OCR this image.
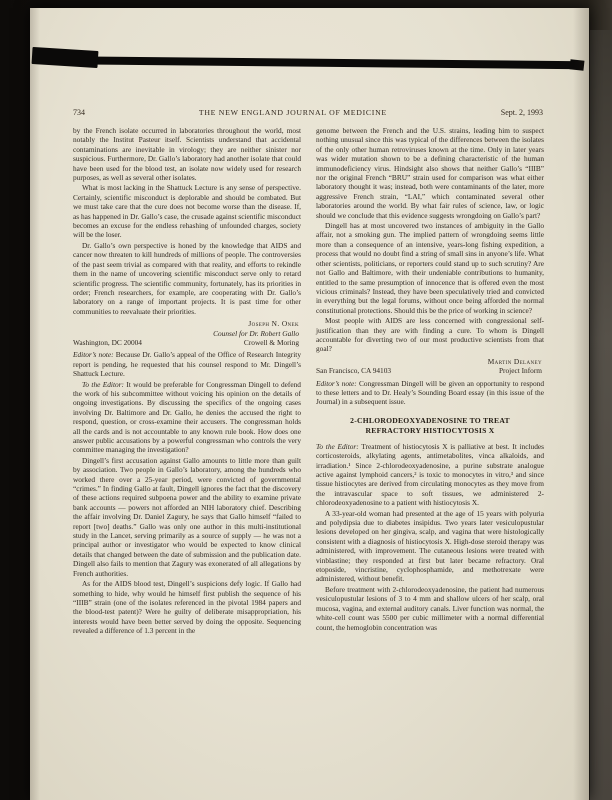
734	THE NEW ENGLAND JOURNAL OF MEDICINE	Sept. 2, 1993

by the French isolate occurred in laboratories throughout the world, most notably the Institut Pasteur itself. Scientists understand that accidental contaminations are inevitable in virology; they are neither sinister nor suspicious. Furthermore, Dr. Gallo’s laboratory had another isolate that could have been used for the blood test, an isolate now widely used for research purposes, as well as several other isolates.

What is most lacking in the Shattuck Lecture is any sense of perspective. Certainly, scientific misconduct is deplorable and should be combated. But we must take care that the cure does not become worse than the disease. If, as has happened in Dr. Gallo’s case, the crusade against scientific misconduct becomes an excuse for the endless rehashing of unfounded charges, society will be the loser.

Dr. Gallo’s own perspective is honed by the knowledge that AIDS and cancer now threaten to kill hundreds of millions of people. The controversies of the past seem trivial as compared with that reality, and efforts to rekindle them in the name of uncovering scientific misconduct serve only to retard scientific progress. The scientific community, fortunately, has its priorities in order; French researchers, for example, are cooperating with Dr. Gallo’s laboratory on a range of important projects. It is past time for other communities to reevaluate their priorities.

Joseph N. Onek
Counsel for Dr. Robert Gallo
Washington, DC 20004	Crowell & Moring

Editor’s note: Because Dr. Gallo’s appeal of the Office of Research Integrity report is pending, he requested that his counsel respond to Mr. Dingell’s Shattuck Lecture.

To the Editor: It would be preferable for Congressman Dingell to defend the work of his subcommittee without voicing his opinion on the details of ongoing investigations. By discussing the specifics of the ongoing cases involving Dr. Baltimore and Dr. Gallo, he denies the accused the right to respond, question, or cross-examine their accusers. The congressman holds all the cards and is not accountable to any known rule book. How does one answer public accusations by a powerful congressman who controls the very committee managing the investigation?

Dingell’s first accusation against Gallo amounts to little more than guilt by association. Two people in Gallo’s laboratory, among the hundreds who worked there over a 25-year period, were convicted of governmental “crimes.” In finding Gallo at fault, Dingell ignores the fact that the discovery of these actions required subpoena power and the ability to examine private bank accounts — powers not afforded an NIH laboratory chief. Describing the affair involving Dr. Daniel Zagury, he says that Gallo himself “failed to report [two] deaths.” Gallo was only one author in this multi-institutional study in the Lancet, serving primarily as a source of supply — he was not a principal author or investigator who would be expected to know clinical details that changed between the date of submission and the publication date. Dingell also fails to mention that Zagury was exonerated of all allegations by French authorities.

As for the AIDS blood test, Dingell’s suspicions defy logic. If Gallo had something to hide, why would he himself first publish the sequence of his “IIIB” strain (one of the isolates referenced in the pivotal 1984 papers and the blood-test patent)? Were he guilty of deliberate misappropriation, his interests would have been better served by doing the opposite. Sequencing revealed a difference of 1.3 percent in the

genome between the French and the U.S. strains, leading him to suspect nothing unusual since this was typical of the differences between the isolates of the only other human retroviruses known at the time. Only in later years was wider mutation shown to be a defining characteristic of the human immunodeficiency virus. Hindsight also shows that neither Gallo’s “IIIB” nor the original French “BRU” strain used for comparison was what either laboratory thought it was; instead, both were contaminants of the later, more aggressive French strain, “LAI,” which contaminated several other laboratories around the world. By what fair rules of science, law, or logic should we conclude that this evidence suggests wrongdoing on Gallo’s part?

Dingell has at most uncovered two instances of ambiguity in the Gallo affair, not a smoking gun. The implied pattern of wrongdoing seems little more than a consequence of an intensive, years-long fishing expedition, a process that would no doubt find a string of small sins in anyone’s life. What other scientists, politicians, or reporters could stand up to such scrutiny? Are not Gallo and Baltimore, with their undeniable contributions to humanity, entitled to the same presumption of innocence that is offered even the most vicious criminals? Instead, they have been speculatively tried and convicted in everything but the legal forums, without once being afforded the normal constitutional protections. Should this be the price of working in science?

Most people with AIDS are less concerned with congressional self-justification than they are with finding a cure. To whom is Dingell accountable for diverting two of our most productive scientists from that goal?

Martin Delaney
San Francisco, CA 94103	Project Inform

Editor’s note: Congressman Dingell will be given an opportunity to respond to these letters and to Dr. Healy’s Sounding Board essay (in this issue of the Journal) in a subsequent issue.

2-CHLORODEOXYADENOSINE TO TREAT
REFRACTORY HISTIOCYTOSIS X

To the Editor: Treatment of histiocytosis X is palliative at best. It includes corticosteroids, alkylating agents, antimetabolites, vinca alkaloids, and irradiation.¹ Since 2-chlorodeoxyadenosine, a purine substrate analogue active against lymphoid cancers,² is toxic to monocytes in vitro,³ and since tissue histiocytes are derived from circulating monocytes as they move from the intravascular space to soft tissues, we administered 2-chlorodeoxyadenosine to a patient with histiocytosis X.

A 33-year-old woman had presented at the age of 15 years with polyuria and polydipsia due to diabetes insipidus. Two years later vesiculopustular lesions developed on her gingiva, scalp, and vagina that were histologically consistent with a diagnosis of histiocytosis X. High-dose steroid therapy was administered, with improvement. The cutaneous lesions were treated with vinblastine; they responded at first but later became refractory. Oral etoposide, vincristine, cyclophosphamide, and methotrexate were administered, without benefit.

Before treatment with 2-chlorodeoxyadenosine, the patient had numerous vesiculopustular lesions of 3 to 4 mm and shallow ulcers of her scalp, oral mucosa, vagina, and external auditory canals. Liver function was normal, the white-cell count was 5500 per cubic millimeter with a normal differential count, the hemoglobin concentration was
